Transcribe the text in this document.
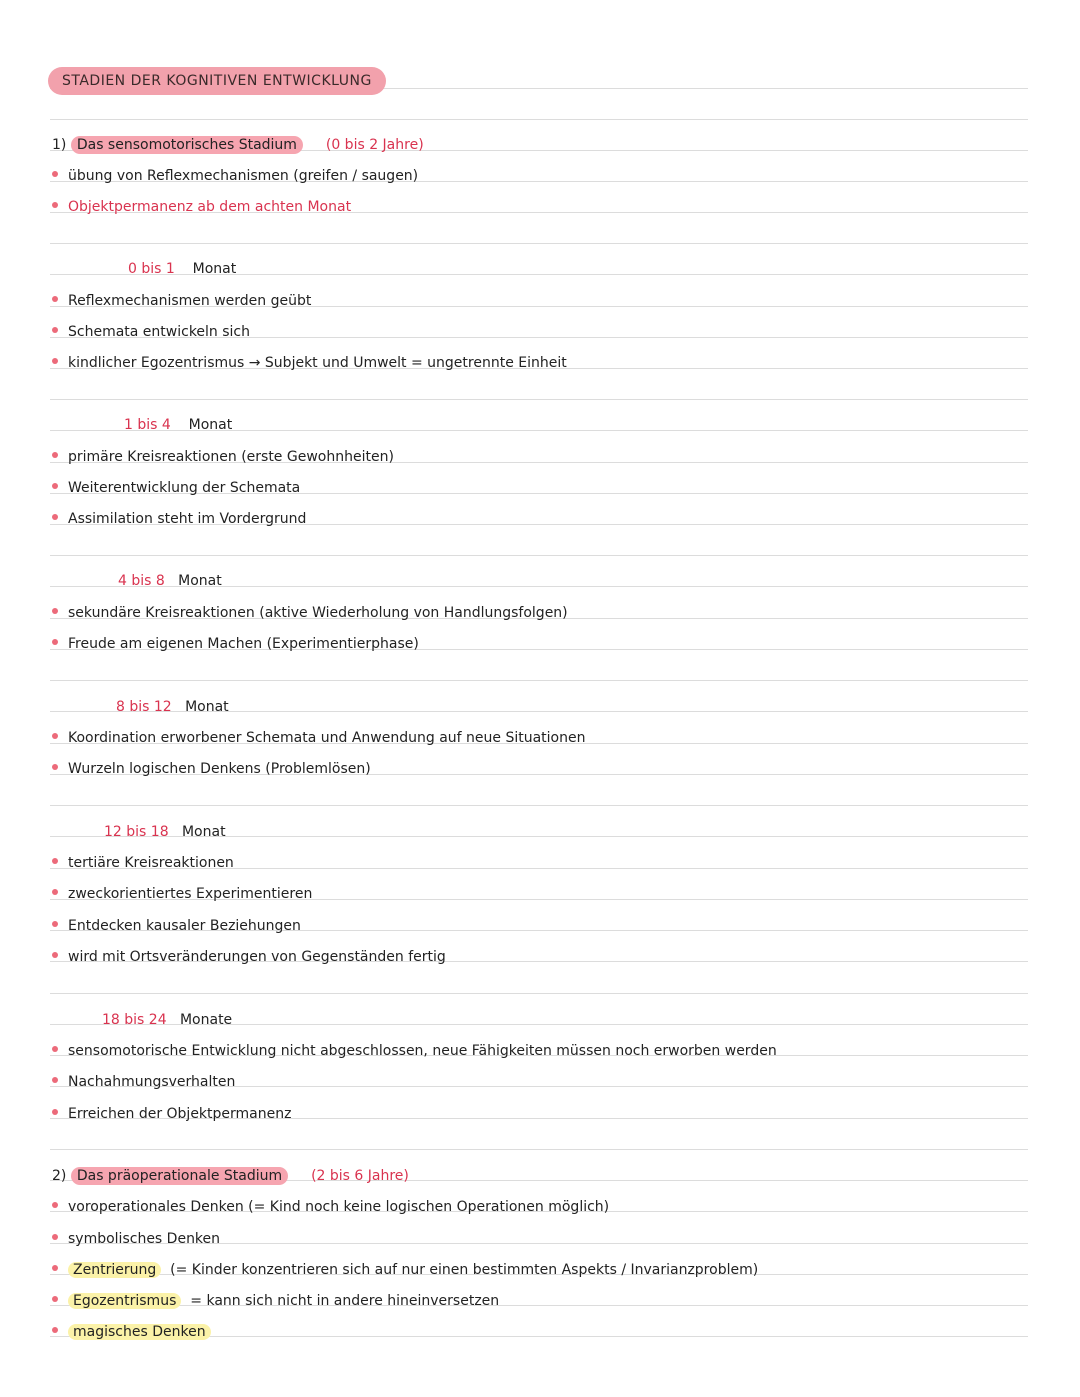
STADIEN DER KOGNITIVEN ENTWICKLUNG
1) Das sensomotorisches Stadium (0 bis 2 Jahre)
übung von Reflexmechanismen (greifen / saugen)
Objektpermanenz ab dem achten Monat
0 bis 1 Monat
Reflexmechanismen werden geübt
Schemata entwickeln sich
kindlicher Egozentrismus → Subjekt und Umwelt = ungetrennte Einheit
1 bis 4 Monat
primäre Kreisreaktionen (erste Gewohnheiten)
Weiterentwicklung der Schemata
Assimilation steht im Vordergrund
4 bis 8 Monat
sekundäre Kreisreaktionen (aktive Wiederholung von Handlungsfolgen)
Freude am eigenen Machen (Experimentierphase)
8 bis 12 Monat
Koordination erworbener Schemata und Anwendung auf neue Situationen
Wurzeln logischen Denkens (Problemlösen)
12 bis 18 Monat
tertiäre Kreisreaktionen
zweckorientiertes Experimentieren
Entdecken kausaler Beziehungen
wird mit Ortsveränderungen von Gegenständen fertig
18 bis 24 Monate
sensomotorische Entwicklung nicht abgeschlossen, neue Fähigkeiten müssen noch erworben werden
Nachahmungsverhalten
Erreichen der Objektpermanenz
2) Das präoperationale Stadium (2 bis 6 Jahre)
voroperationales Denken (= Kind noch keine logischen Operationen möglich)
symbolisches Denken
Zentrierung (= Kinder konzentrieren sich auf nur einen bestimmten Aspekts / Invarianzproblem)
Egozentrismus = kann sich nicht in andere hineinversetzen
magisches Denken
